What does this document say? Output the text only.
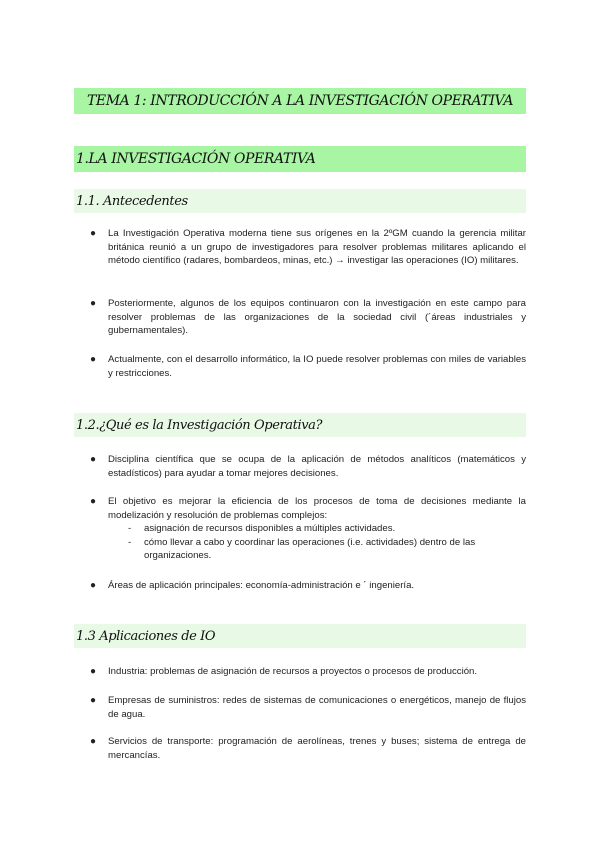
TEMA 1: INTRODUCCIÓN A LA INVESTIGACIÓN OPERATIVA
1.LA INVESTIGACIÓN OPERATIVA
1.1. Antecedentes
● La Investigación Operativa moderna tiene sus orígenes en la 2ºGM cuando la gerencia militar británica reunió a un grupo de investigadores para resolver problemas militares aplicando el método científico (radares, bombardeos, minas, etc.) → investigar las operaciones (IO) militares.
● Posteriormente, algunos de los equipos continuaron con la investigación en este campo para resolver problemas de las organizaciones de la sociedad civil (´áreas industriales y gubernamentales).
● Actualmente, con el desarrollo informático, la IO puede resolver problemas con miles de variables y restricciones.
1.2.¿Qué es la Investigación Operativa?
● Disciplina científica que se ocupa de la aplicación de métodos analíticos (matemáticos y estadísticos) para ayudar a tomar mejores decisiones.
● El objetivo es mejorar la eficiencia de los procesos de toma de decisiones mediante la modelización y resolución de problemas complejos:
- asignación de recursos disponibles a múltiples actividades.
- cómo llevar a cabo y coordinar las operaciones (i.e. actividades) dentro de las organizaciones.
● Áreas de aplicación principales: economía-administración e ´ ingeniería.
1.3 Aplicaciones de IO
● Industria: problemas de asignación de recursos a proyectos o procesos de producción.
● Empresas de suministros: redes de sistemas de comunicaciones o energéticos, manejo de flujos de agua.
● Servicios de transporte: programación de aerolíneas, trenes y buses; sistema de entrega de mercancías.
